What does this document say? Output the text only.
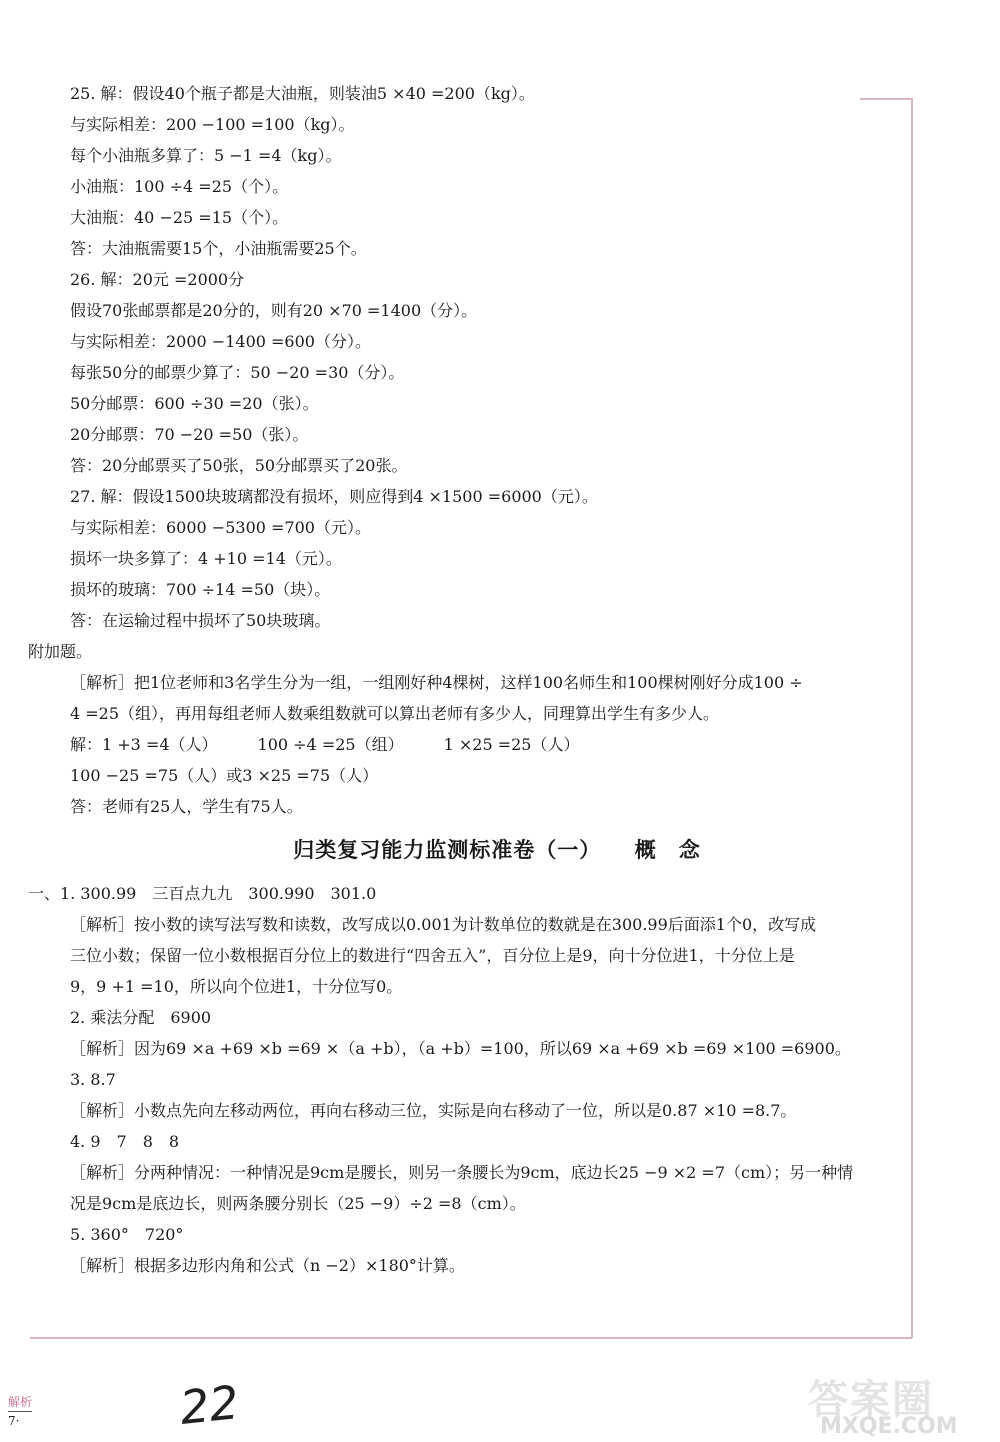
25. 解：假设40个瓶子都是大油瓶，则装油5 ×40 =200（kg）。
与实际相差：200 −100 =100（kg）。
每个小油瓶多算了：5 −1 =4（kg）。
小油瓶：100 ÷4 =25（个）。
大油瓶：40 −25 =15（个）。
答：大油瓶需要15个，小油瓶需要25个。
26. 解：20元 =2000分
假设70张邮票都是20分的，则有20 ×70 =1400（分）。
与实际相差：2000 −1400 =600（分）。
每张50分的邮票少算了：50 −20 =30（分）。
50分邮票：600 ÷30 =20（张）。
20分邮票：70 −20 =50（张）。
答：20分邮票买了50张，50分邮票买了20张。
27. 解：假设1500块玻璃都没有损坏，则应得到4 ×1500 =6000（元）。
与实际相差：6000 −5300 =700（元）。
损坏一块多算了：4 +10 =14（元）。
损坏的玻璃：700 ÷14 =50（块）。
答：在运输过程中损坏了50块玻璃。
附加题。
［解析］把1位老师和3名学生分为一组，一组刚好种4棵树，这样100名师生和100棵树刚好分成100 ÷
4 =25（组），再用每组老师人数乘组数就可以算出老师有多少人，同理算出学生有多少人。
解：1 +3 =4（人）　　　100 ÷4 =25（组）　　　1 ×25 =25（人）
100 −25 =75（人）或3 ×25 =75（人）
答：老师有25人，学生有75人。
归类复习能力监测标准卷（一）　　概　念
一、1. 300.99　三百点九九　300.990　301.0
［解析］按小数的读写法写数和读数，改写成以0.001为计数单位的数就是在300.99后面添1个0，改写成
三位小数；保留一位小数根据百分位上的数进行“四舍五入”，百分位上是9，向十分位进1，十分位上是
9，9 +1 =10，所以向个位进1，十分位写0。
2. 乘法分配　6900
［解析］因为69 ×a +69 ×b =69 ×（a +b），（a +b）=100，所以69 ×a +69 ×b =69 ×100 =6900。
3. 8.7
［解析］小数点先向左移动两位，再向右移动三位，实际是向右移动了一位，所以是0.87 ×10 =8.7。
4. 9　7　8　8
［解析］分两种情况：一种情况是9cm是腰长，则另一条腰长为9cm，底边长25 −9 ×2 =7（cm）；另一种情
况是9cm是底边长，则两条腰分别长（25 −9）÷2 =8（cm）。
5. 360°　720°
［解析］根据多边形内角和公式（n −2）×180°计算。
解析
7·	22	答案圈
MXQE.COM
